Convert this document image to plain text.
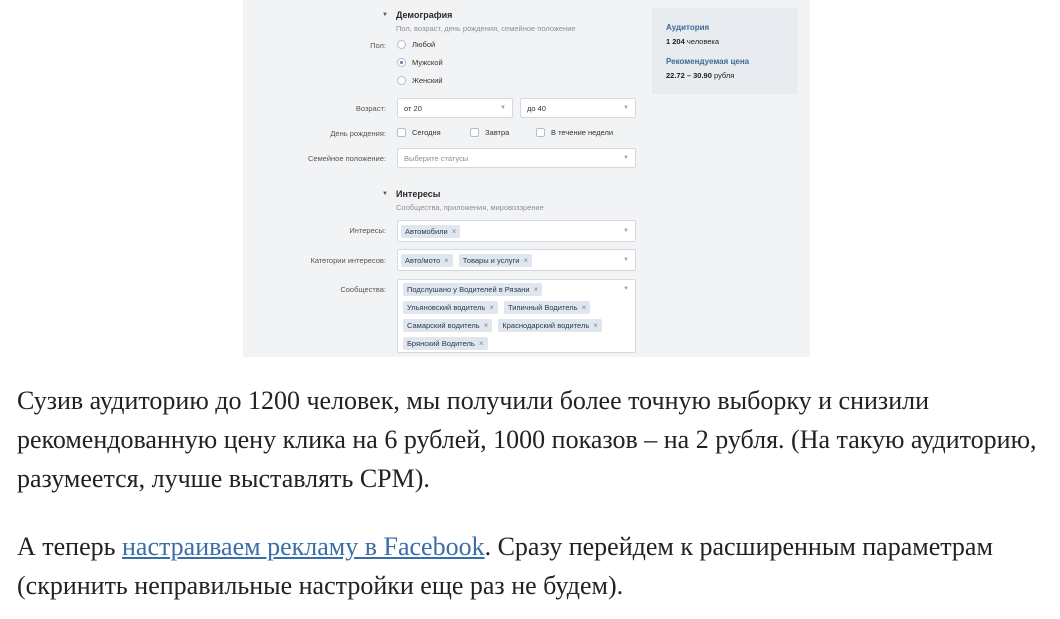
▼ Демография
Пол, возраст, день рождения, семейное положение
Пол:	Любой
Мужской
Женский
Возраст: от 20	▼	до 40	▼
День рождения:	Сегодня	Завтра	В течение недели
Семейное положение: Выберите статусы	▼
▼ Интересы
Сообщества, приложения, мировоззрение
Интересы:	Автомобили ×	▼
Категории интересов:	Авто/мото × Товары и услуги ×	▼
Сообщества:	Подслушано у Водителей в Рязани ×
Ульяновский водитель × Типичный Водитель ×
Самарский водитель × Краснодарский водитель ×
Брянский Водитель ×
▼
Аудитория
1 204 человека
Рекомендуемая цена
22.72 – 30.90 рубля

Сузив аудиторию до 1200 человек, мы получили более точную выборку и снизили рекомендованную цену клика на 6 рублей, 1000 показов – на 2 рубля. (На такую аудиторию, разумеется, лучше выставлять CPM).

А теперь настраиваем рекламу в Facebook. Сразу перейдем к расширенным параметрам (скринить неправильные настройки еще раз не будем).
